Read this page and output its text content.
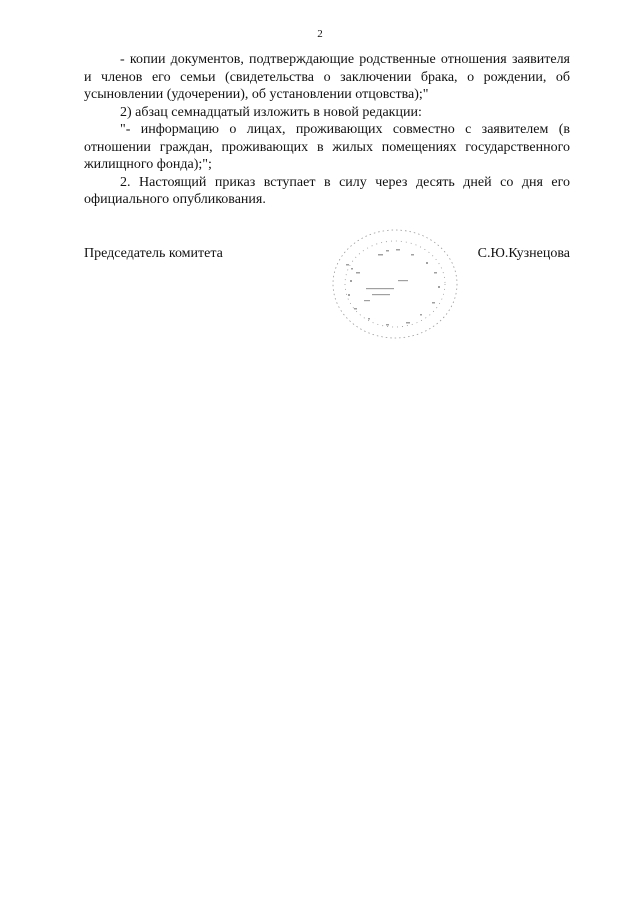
2

- копии документов, подтверждающие родственные отношения заявителя и членов его семьи (свидетельства о заключении брака, о рождении, об усыновлении (удочерении), об установлении отцовства);"

2) абзац семнадцатый изложить в новой редакции:

"- информацию о лицах, проживающих совместно с заявителем (в отношении граждан, проживающих в жилых помещениях государственного жилищного фонда);";

2. Настоящий приказ вступает в силу через десять дней со дня его официального опубликования.

Председатель комитета	С.Ю.Кузнецова
